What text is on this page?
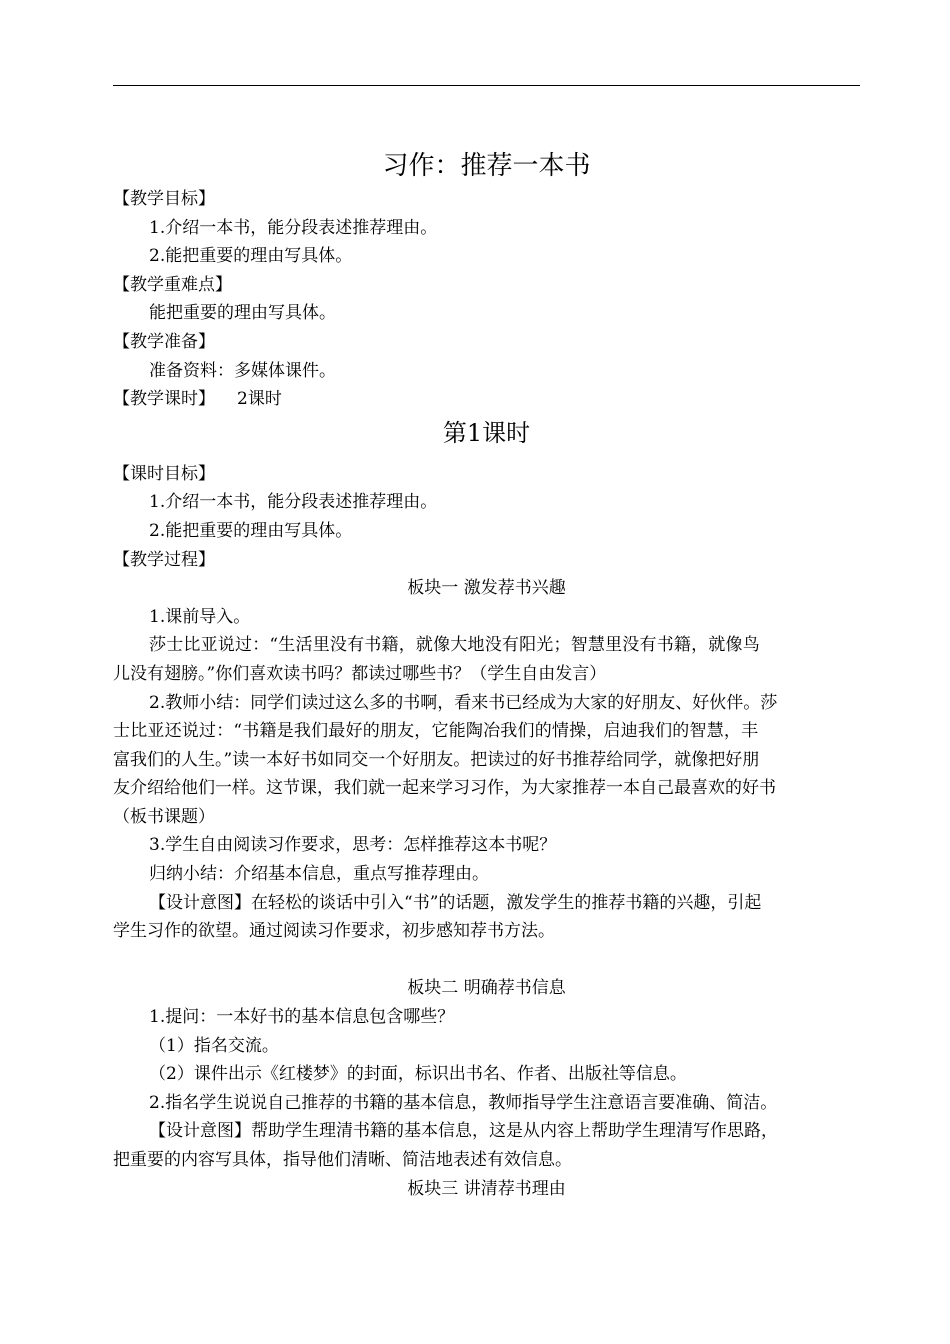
习作：推荐一本书
【教学目标】
1.介绍一本书，能分段表述推荐理由。
2.能把重要的理由写具体。
【教学重难点】
能把重要的理由写具体。
【教学准备】
准备资料：多媒体课件。
【教学课时】 2课时
第1课时
【课时目标】
1.介绍一本书，能分段表述推荐理由。
2.能把重要的理由写具体。
【教学过程】
板块一 激发荐书兴趣
1.课前导入。
莎士比亚说过：“生活里没有书籍，就像大地没有阳光；智慧里没有书籍，就像鸟
儿没有翅膀。”你们喜欢读书吗？都读过哪些书？（学生自由发言）
2.教师小结：同学们读过这么多的书啊，看来书已经成为大家的好朋友、好伙伴。莎
士比亚还说过：“书籍是我们最好的朋友，它能陶冶我们的情操，启迪我们的智慧，丰
富我们的人生。”读一本好书如同交一个好朋友。把读过的好书推荐给同学，就像把好朋
友介绍给他们一样。这节课，我们就一起来学习习作，为大家推荐一本自己最喜欢的好书
（板书课题）
3.学生自由阅读习作要求，思考：怎样推荐这本书呢？
归纳小结：介绍基本信息，重点写推荐理由。
【设计意图】在轻松的谈话中引入“书”的话题，激发学生的推荐书籍的兴趣，引起
学生习作的欲望。通过阅读习作要求，初步感知荐书方法。
板块二 明确荐书信息
1.提问：一本好书的基本信息包含哪些？
（1）指名交流。
（2）课件出示《红楼梦》的封面，标识出书名、作者、出版社等信息。
2.指名学生说说自己推荐的书籍的基本信息，教师指导学生注意语言要准确、简洁。
【设计意图】帮助学生理清书籍的基本信息，这是从内容上帮助学生理清写作思路，
把重要的内容写具体，指导他们清晰、简洁地表述有效信息。
板块三 讲清荐书理由
